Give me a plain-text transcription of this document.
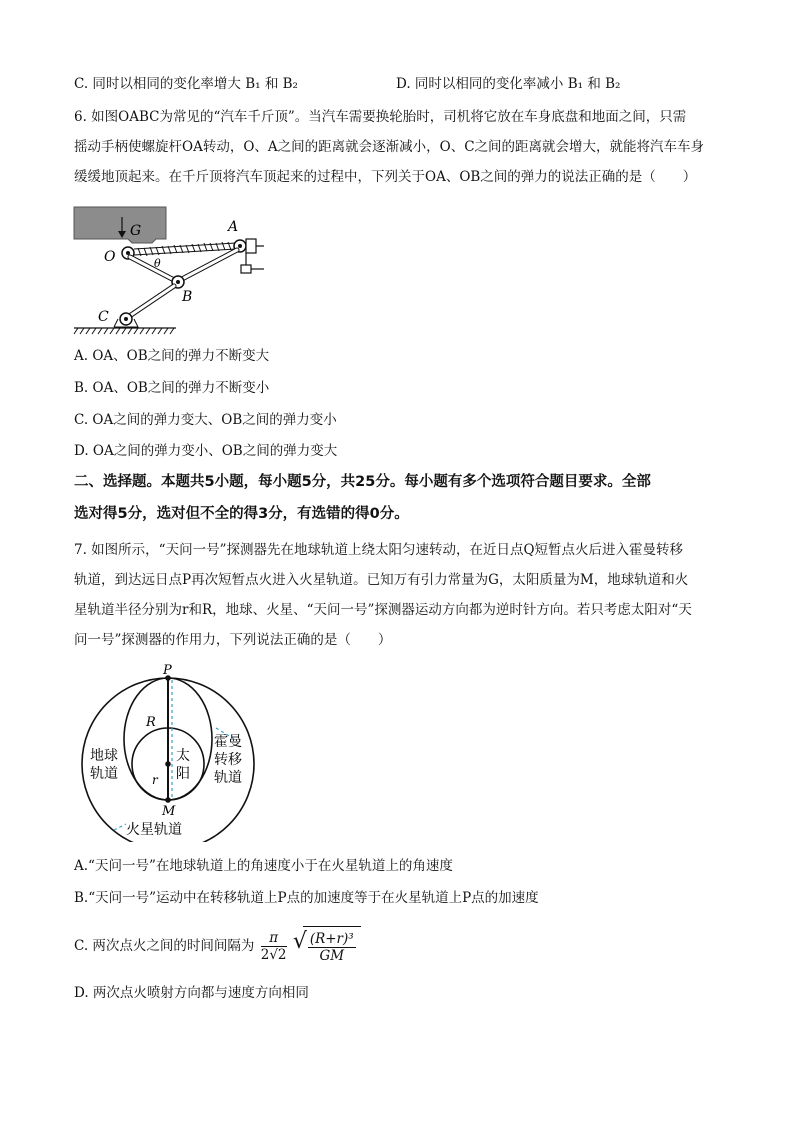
C. 同时以相同的变化率增大 B₁ 和 B₂	D. 同时以相同的变化率减小 B₁ 和 B₂
6. 如图OABC为常见的“汽车千斤顶”。当汽车需要换轮胎时，司机将它放在车身底盘和地面之间，只需
摇动手柄使螺旋杆OA转动，O、A之间的距离就会逐渐减小，O、C之间的距离就会增大，就能将汽车车身
缓缓地顶起来。在千斤顶将汽车顶起来的过程中，下列关于OA、OB之间的弹力的说法正确的是（　　）
G
O
A
θ
B
C
A. OA、OB之间的弹力不断变大
B. OA、OB之间的弹力不断变小
C. OA之间的弹力变大、OB之间的弹力变小
D. OA之间的弹力变小、OB之间的弹力变大
二、选择题。本题共5小题，每小题5分，共25分。每小题有多个选项符合题目要求。全部
选对得5分，选对但不全的得3分，有选错的得0分。
7. 如图所示，“天问一号”探测器先在地球轨道上绕太阳匀速转动，在近日点Q短暂点火后进入霍曼转移
轨道，到达远日点P再次短暂点火进入火星轨道。已知万有引力常量为G，太阳质量为M，地球轨道和火
星轨道半径分别为r和R，地球、火星、“天问一号”探测器运动方向都为逆时针方向。若只考虑太阳对“天
问一号”探测器的作用力，下列说法正确的是（　　）
P
M
R
r
地球
轨道
太
阳
霍曼
转移
轨道
火星轨道
A.“天问一号”在地球轨道上的角速度小于在火星轨道上的角速度
B.“天问一号”运动中在转移轨道上P点的加速度等于在火星轨道上P点的加速度
C. 两次点火之间的时间间隔为 $\frac{\pi}{2√2}$
√ $\frac{\text{(R+r)³}}{GM}$
D. 两次点火喷射方向都与速度方向相同
